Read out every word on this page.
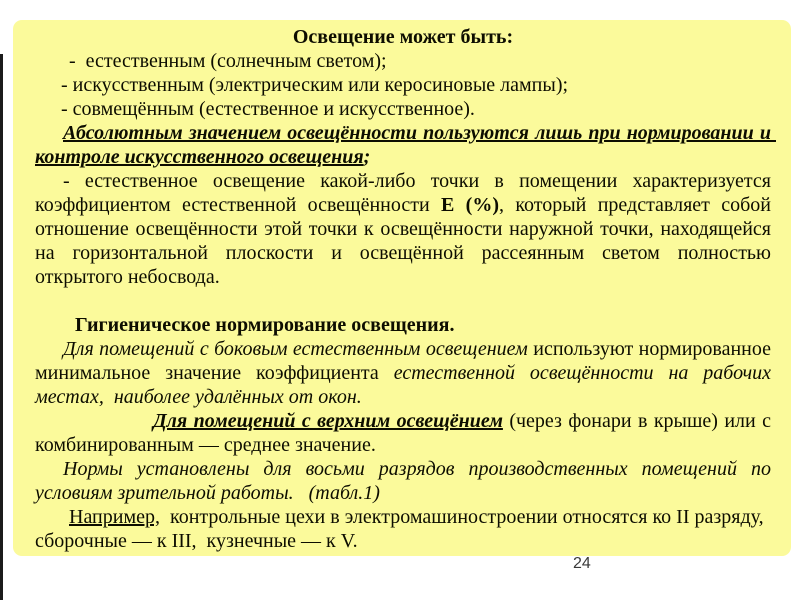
Освещение может быть:

-  естественным (солнечным светом);

- искусственным (электрическим или керосиновые лампы);

- совмещённым (естественное и искусственное).

Абсолютным значением освещённости пользуются лишь при нормировании и контроле искусственного освещения;

- естественное освещение какой-либо точки в помещении характеризуется коэффициентом естественной освещённости Е (%), который представляет собой отношение освещённости этой точки к освещённости наружной точки, находящейся на горизонтальной плоскости и освещённой рассеянным светом полностью открытого небосвода.

Гигиеническое нормирование освещения.

Для помещений с боковым естественным освещением используют нормированное минимальное значение коэффициента естественной освещённости на рабочих местах,  наиболее удалённых от окон.

Для помещений с верхним освещёнием (через фонари в крыше) или с комбинированным — среднее значение.

Нормы установлены для восьми разрядов производственных помещений по условиям зрительной работы.   (табл.1)

Например,  контрольные цехи в электромашиностроении относятся ко II разряду,  сборочные — к III,  кузнечные — к V.

24
